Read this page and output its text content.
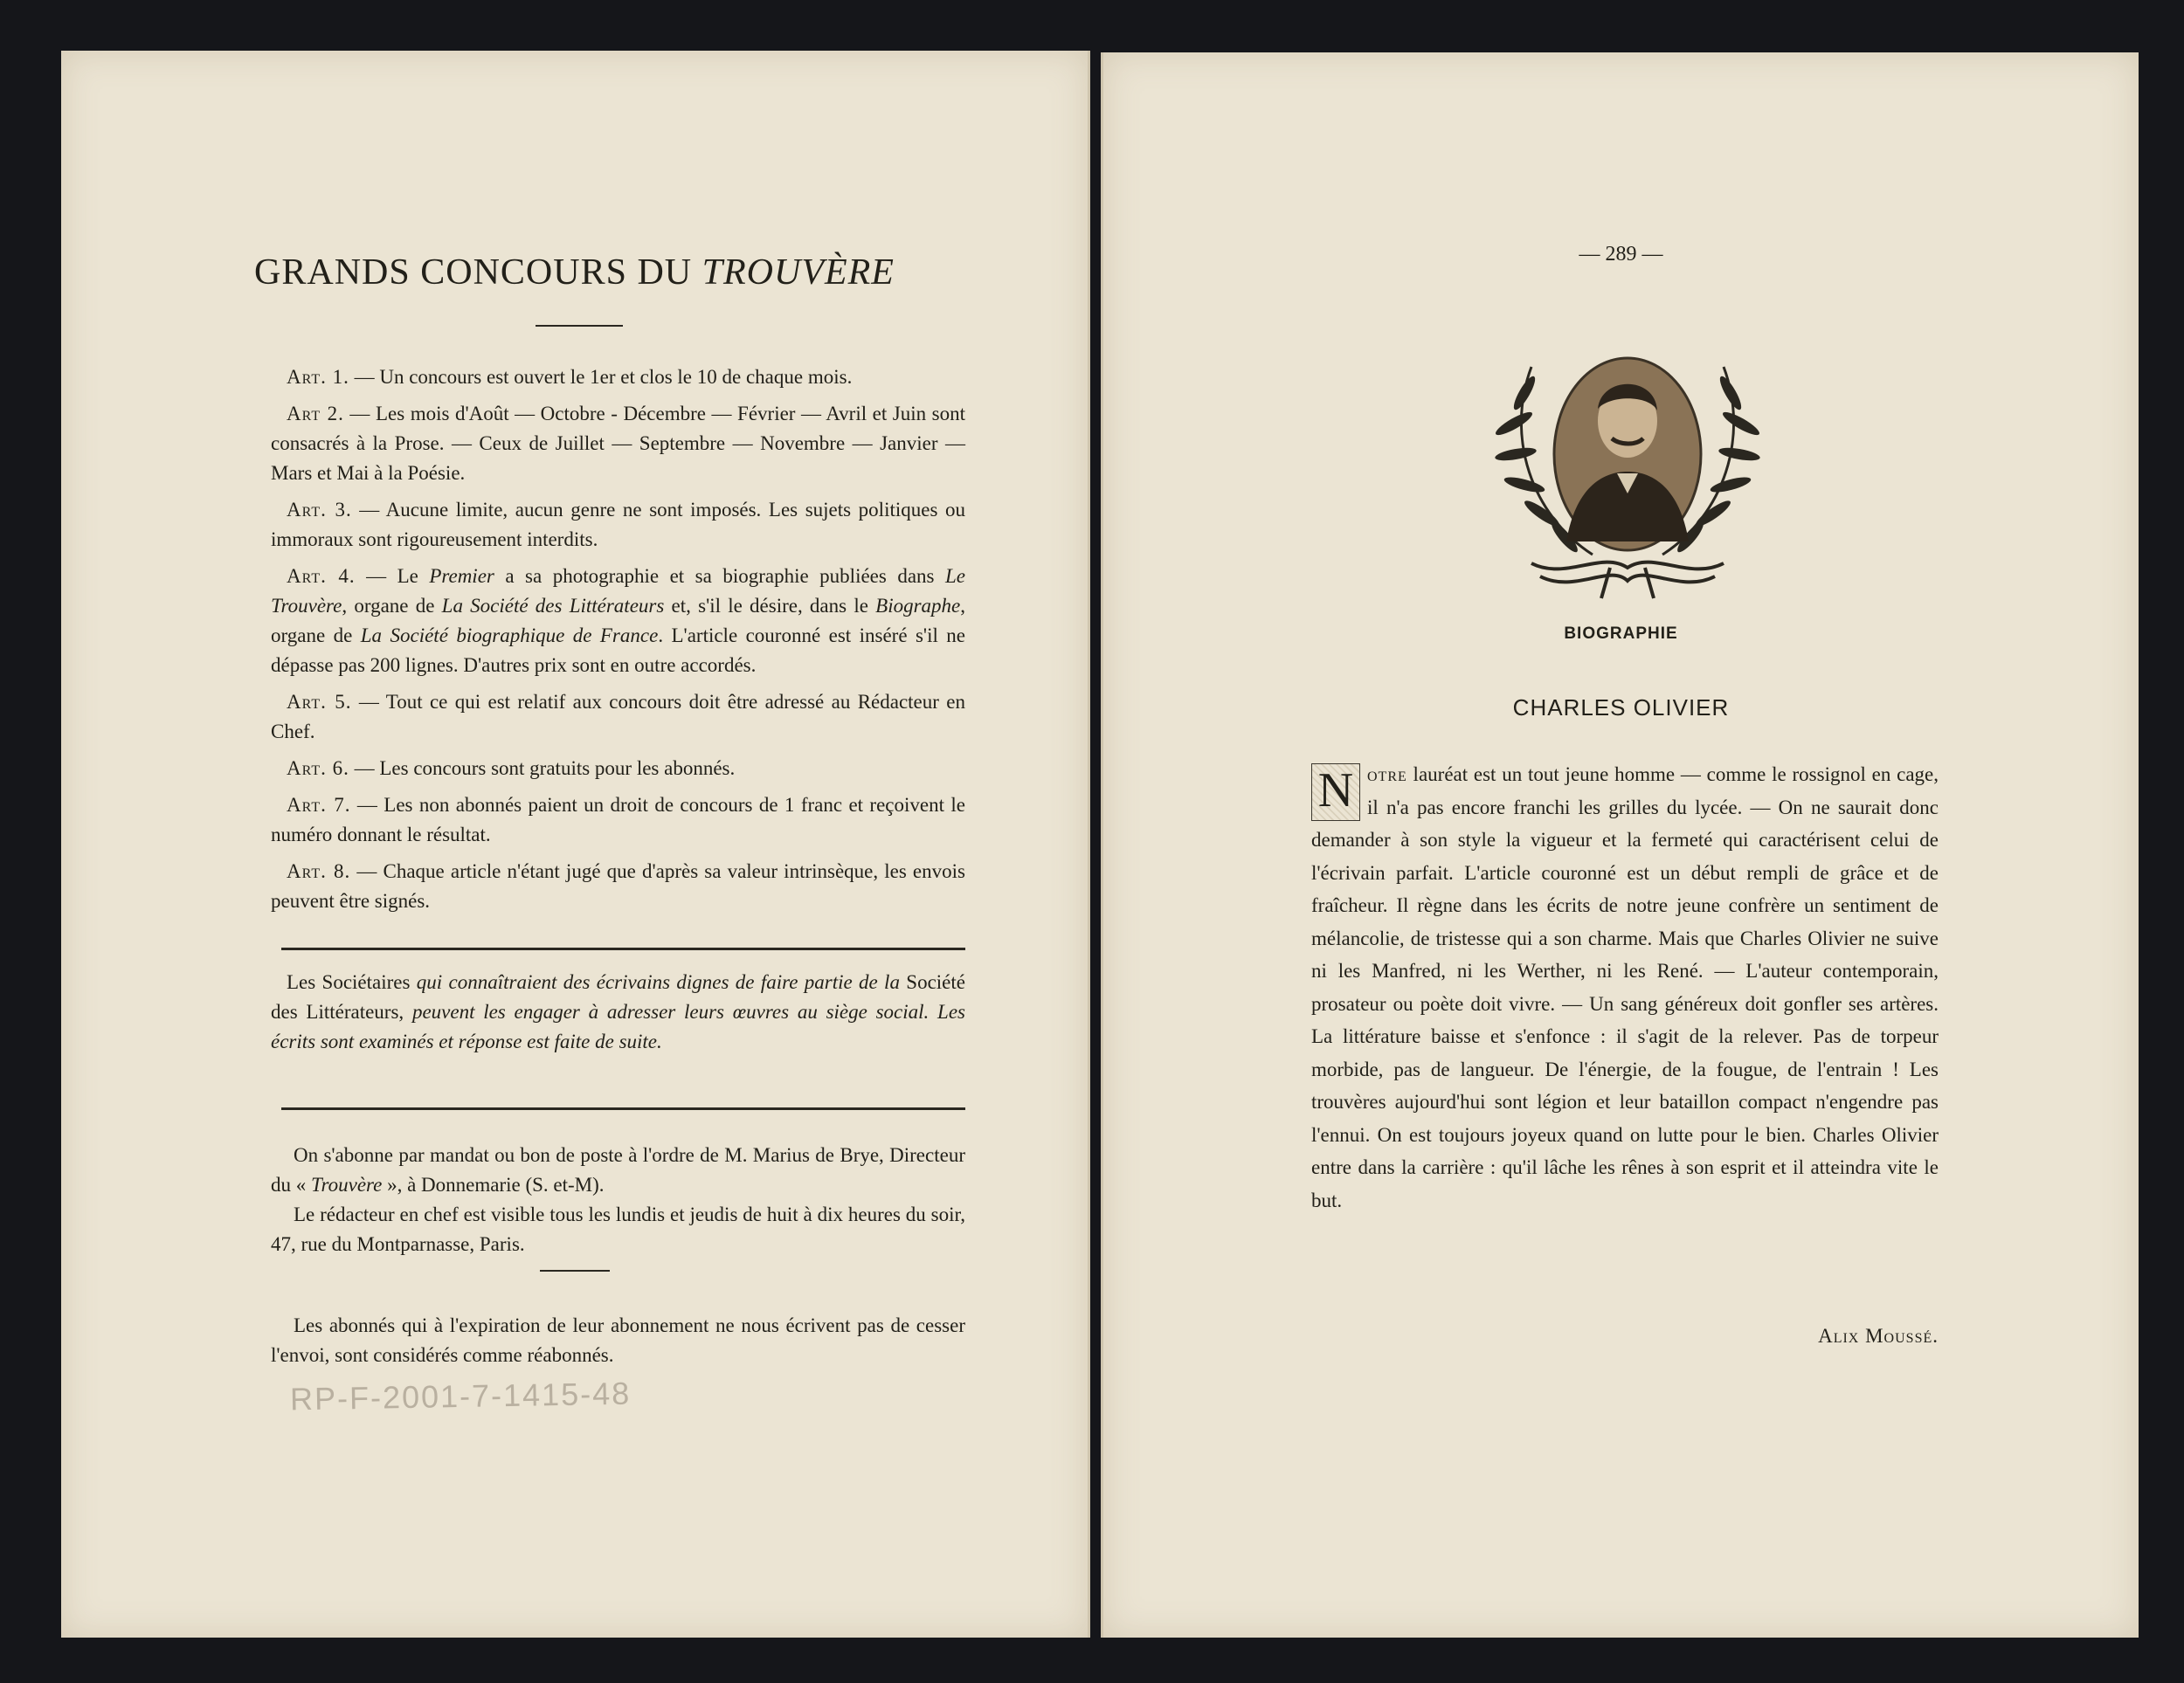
GRANDS CONCOURS DU TROUVÈRE

Art. 1. — Un concours est ouvert le 1er et clos le 10 de chaque mois.

Art 2. — Les mois d'Août — Octobre - Décembre — Février — Avril et Juin sont consacrés à la Prose. — Ceux de Juillet — Septembre — Novembre — Janvier — Mars et Mai à la Poésie.

Art. 3. — Aucune limite, aucun genre ne sont imposés. Les sujets politiques ou immoraux sont rigoureusement interdits.

Art. 4. — Le Premier a sa photographie et sa biographie publiées dans Le Trouvère, organe de La Société des Littérateurs et, s'il le désire, dans le Biographe, organe de La Société biographique de France. L'article couronné est inséré s'il ne dépasse pas 200 lignes. D'autres prix sont en outre accordés.

Art. 5. — Tout ce qui est relatif aux concours doit être adressé au Rédacteur en Chef.

Art. 6. — Les concours sont gratuits pour les abonnés.

Art. 7. — Les non abonnés paient un droit de concours de 1 franc et reçoivent le numéro donnant le résultat.

Art. 8. — Chaque article n'étant jugé que d'après sa valeur intrinsèque, les envois peuvent être signés.

Les Sociétaires qui connaîtraient des écrivains dignes de faire partie de la Société des Littérateurs, peuvent les engager à adresser leurs œuvres au siège social. Les écrits sont examinés et réponse est faite de suite.

On s'abonne par mandat ou bon de poste à l'ordre de M. Marius de Brye, Directeur du « Trouvère », à Donnemarie (S. et-M).

Le rédacteur en chef est visible tous les lundis et jeudis de huit à dix heures du soir, 47, rue du Montparnasse, Paris.

Les abonnés qui à l'expiration de leur abonnement ne nous écrivent pas de cesser l'envoi, sont considérés comme réabonnés.
RP-F-2001-7-1415-48
— 289 —
BIOGRAPHIE
CHARLES OLIVIER
N otre lauréat est un tout jeune homme — comme le rossignol en cage, il n'a pas encore franchi les grilles du lycée. — On ne saurait donc demander à son style la vigueur et la fermeté qui caractérisent celui de l'écrivain parfait. L'article couronné est un début rempli de grâce et de fraîcheur. Il règne dans les écrits de notre jeune confrère un sentiment de mélancolie, de tristesse qui a son charme. Mais que Charles Olivier ne suive ni les Manfred, ni les Werther, ni les René. — L'auteur contemporain, prosateur ou poète doit vivre. — Un sang généreux doit gonfler ses artères. La littérature baisse et s'enfonce : il s'agit de la relever. Pas de torpeur morbide, pas de langueur. De l'énergie, de la fougue, de l'entrain ! Les trouvères aujourd'hui sont légion et leur bataillon compact n'engendre pas l'ennui. On est toujours joyeux quand on lutte pour le bien. Charles Olivier entre dans la carrière : qu'il lâche les rênes à son esprit et il atteindra vite le but.
Alix Moussé.
